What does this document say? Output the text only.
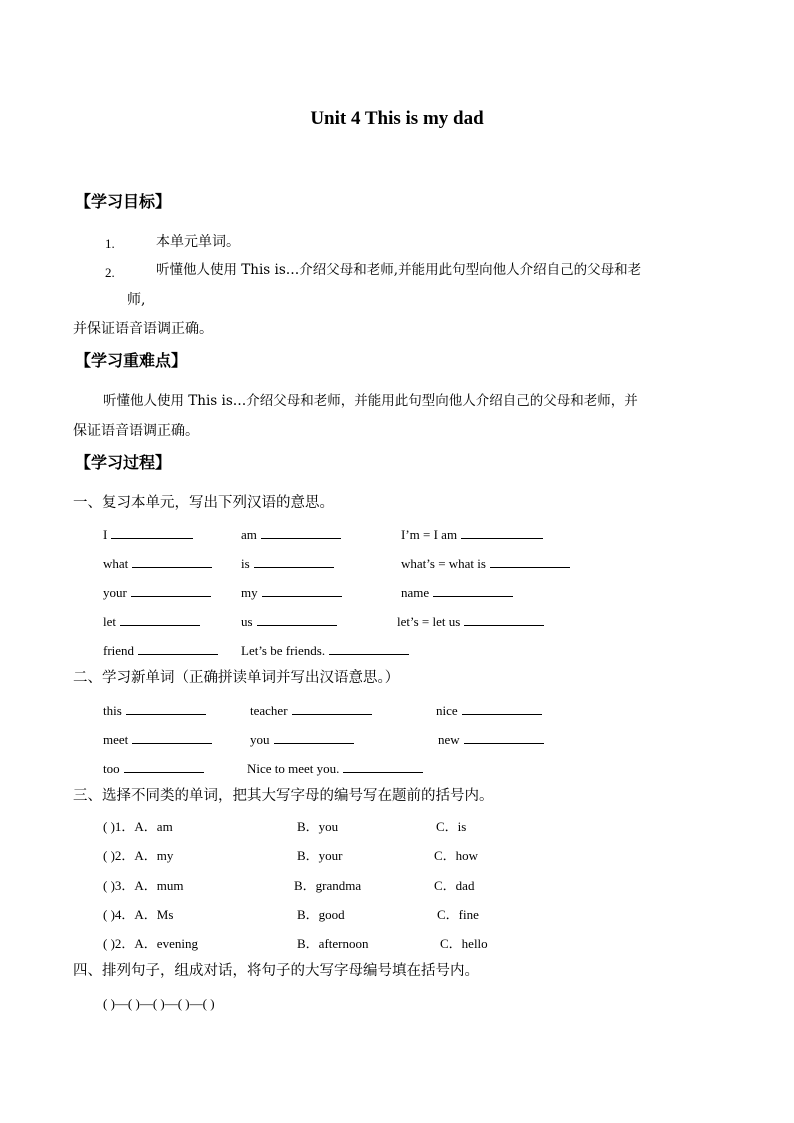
Unit 4 This is my dad
【学习目标】
1.	本单元单词。
2.	听懂他人使用 This is…介绍父母和老师,并能用此句型向他人介绍自己的父母和老
师,
并保证语音语调正确。
【学习重难点】
听懂他人使用 This is…介绍父母和老师，并能用此句型向他人介绍自己的父母和老师，并
保证语音语调正确。
【学习过程】
一、复习本单元，写出下列汉语的意思。
I	am	I’m = I am
what	is	what’s = what is
your	my	name
let	us	let’s = let us
friend	Let’s be friends.
二、学习新单词（正确拼读单词并写出汉语意思。）
this	teacher	nice
meet	you	new
too	Nice to meet you.
三、选择不同类的单词，把其大写字母的编号写在题前的括号内。
( )1．A．am	B．you	C．is
( )2．A．my	B．your	C．how
( )3．A．mum	B．grandma	C．dad
( )4．A．Ms	B．good	C．fine
( )2．A．evening	B．afternoon	C．hello
四、排列句子，组成对话，将句子的大写字母编号填在括号内。
( )—( )—( )—( )—( )
